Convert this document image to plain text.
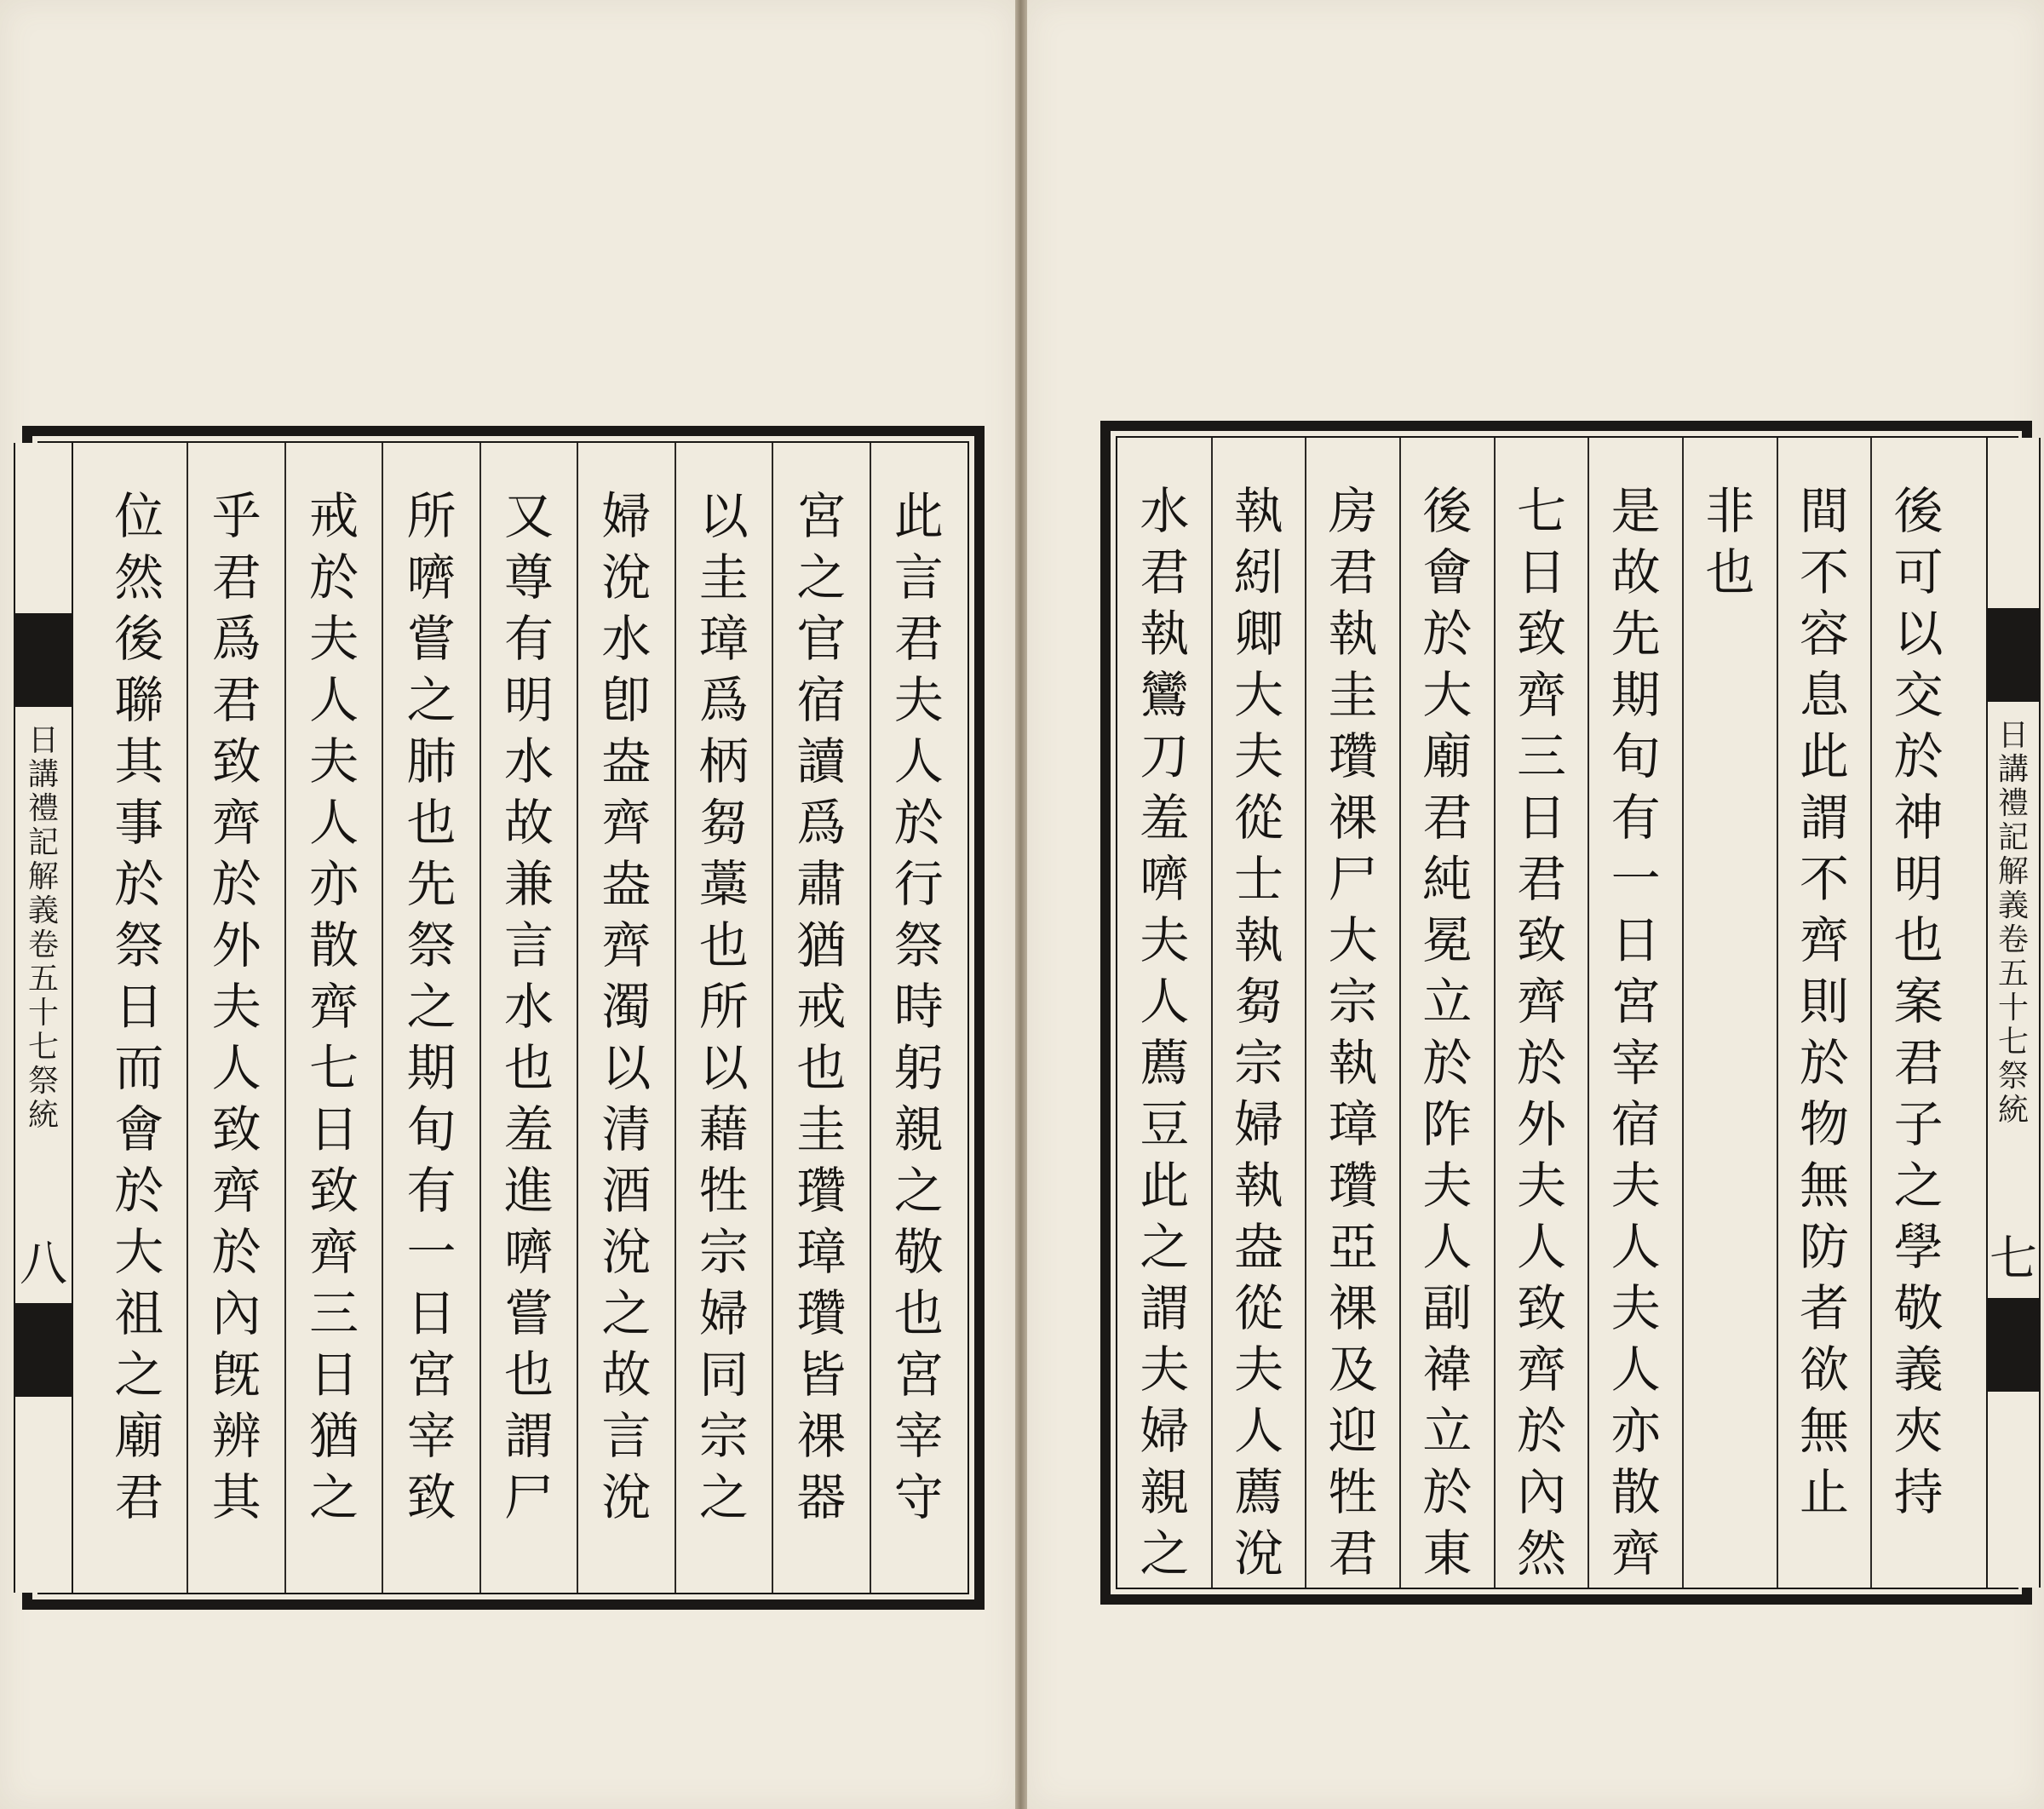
日
講
禮
記
解
義
卷
五
十
七
祭
統
八
此
言
君
夫
人
於
行
祭
時
躬
親
之
敬
也
宮
宰
守
宮
之
官
宿
讀
爲
肅
猶
戒
也
圭
瓚
璋
瓚
皆
祼
器
以
圭
璋
爲
柄
芻
藁
也
所
以
藉
牲
宗
婦
同
宗
之
婦
涗
水
卽
盎
齊
盎
齊
濁
以
清
酒
涗
之
故
言
涗
又
尊
有
明
水
故
兼
言
水
也
羞
進
嚌
嘗
也
謂
尸
所
嚌
嘗
之
肺
也
先
祭
之
期
旬
有
一
日
宮
宰
致
戒
於
夫
人
夫
人
亦
散
齊
七
日
致
齊
三
日
猶
之
乎
君
爲
君
致
齊
於
外
夫
人
致
齊
於
內
旣
辨
其
位
然
後
聯
其
事
於
祭
日
而
會
於
大
祖
之
廟
君
後
可
以
交
於
神
明
也
案
君
子
之
學
敬
義
夾
持
間
不
容
息
此
謂
不
齊
則
於
物
無
防
者
欲
無
止
非
也
是
故
先
期
旬
有
一
日
宮
宰
宿
夫
人
夫
人
亦
散
齊
七
日
致
齊
三
日
君
致
齊
於
外
夫
人
致
齊
於
內
然
後
會
於
大
廟
君
純
冕
立
於
阼
夫
人
副
褘
立
於
東
房
君
執
圭
瓚
祼
尸
大
宗
執
璋
瓚
亞
祼
及
迎
牲
君
執
紖
卿
大
夫
從
士
執
芻
宗
婦
執
盎
從
夫
人
薦
涗
水
君
執
鸞
刀
羞
嚌
夫
人
薦
豆
此
之
謂
夫
婦
親
之
日
講
禮
記
解
義
卷
五
十
七
祭
統
七
